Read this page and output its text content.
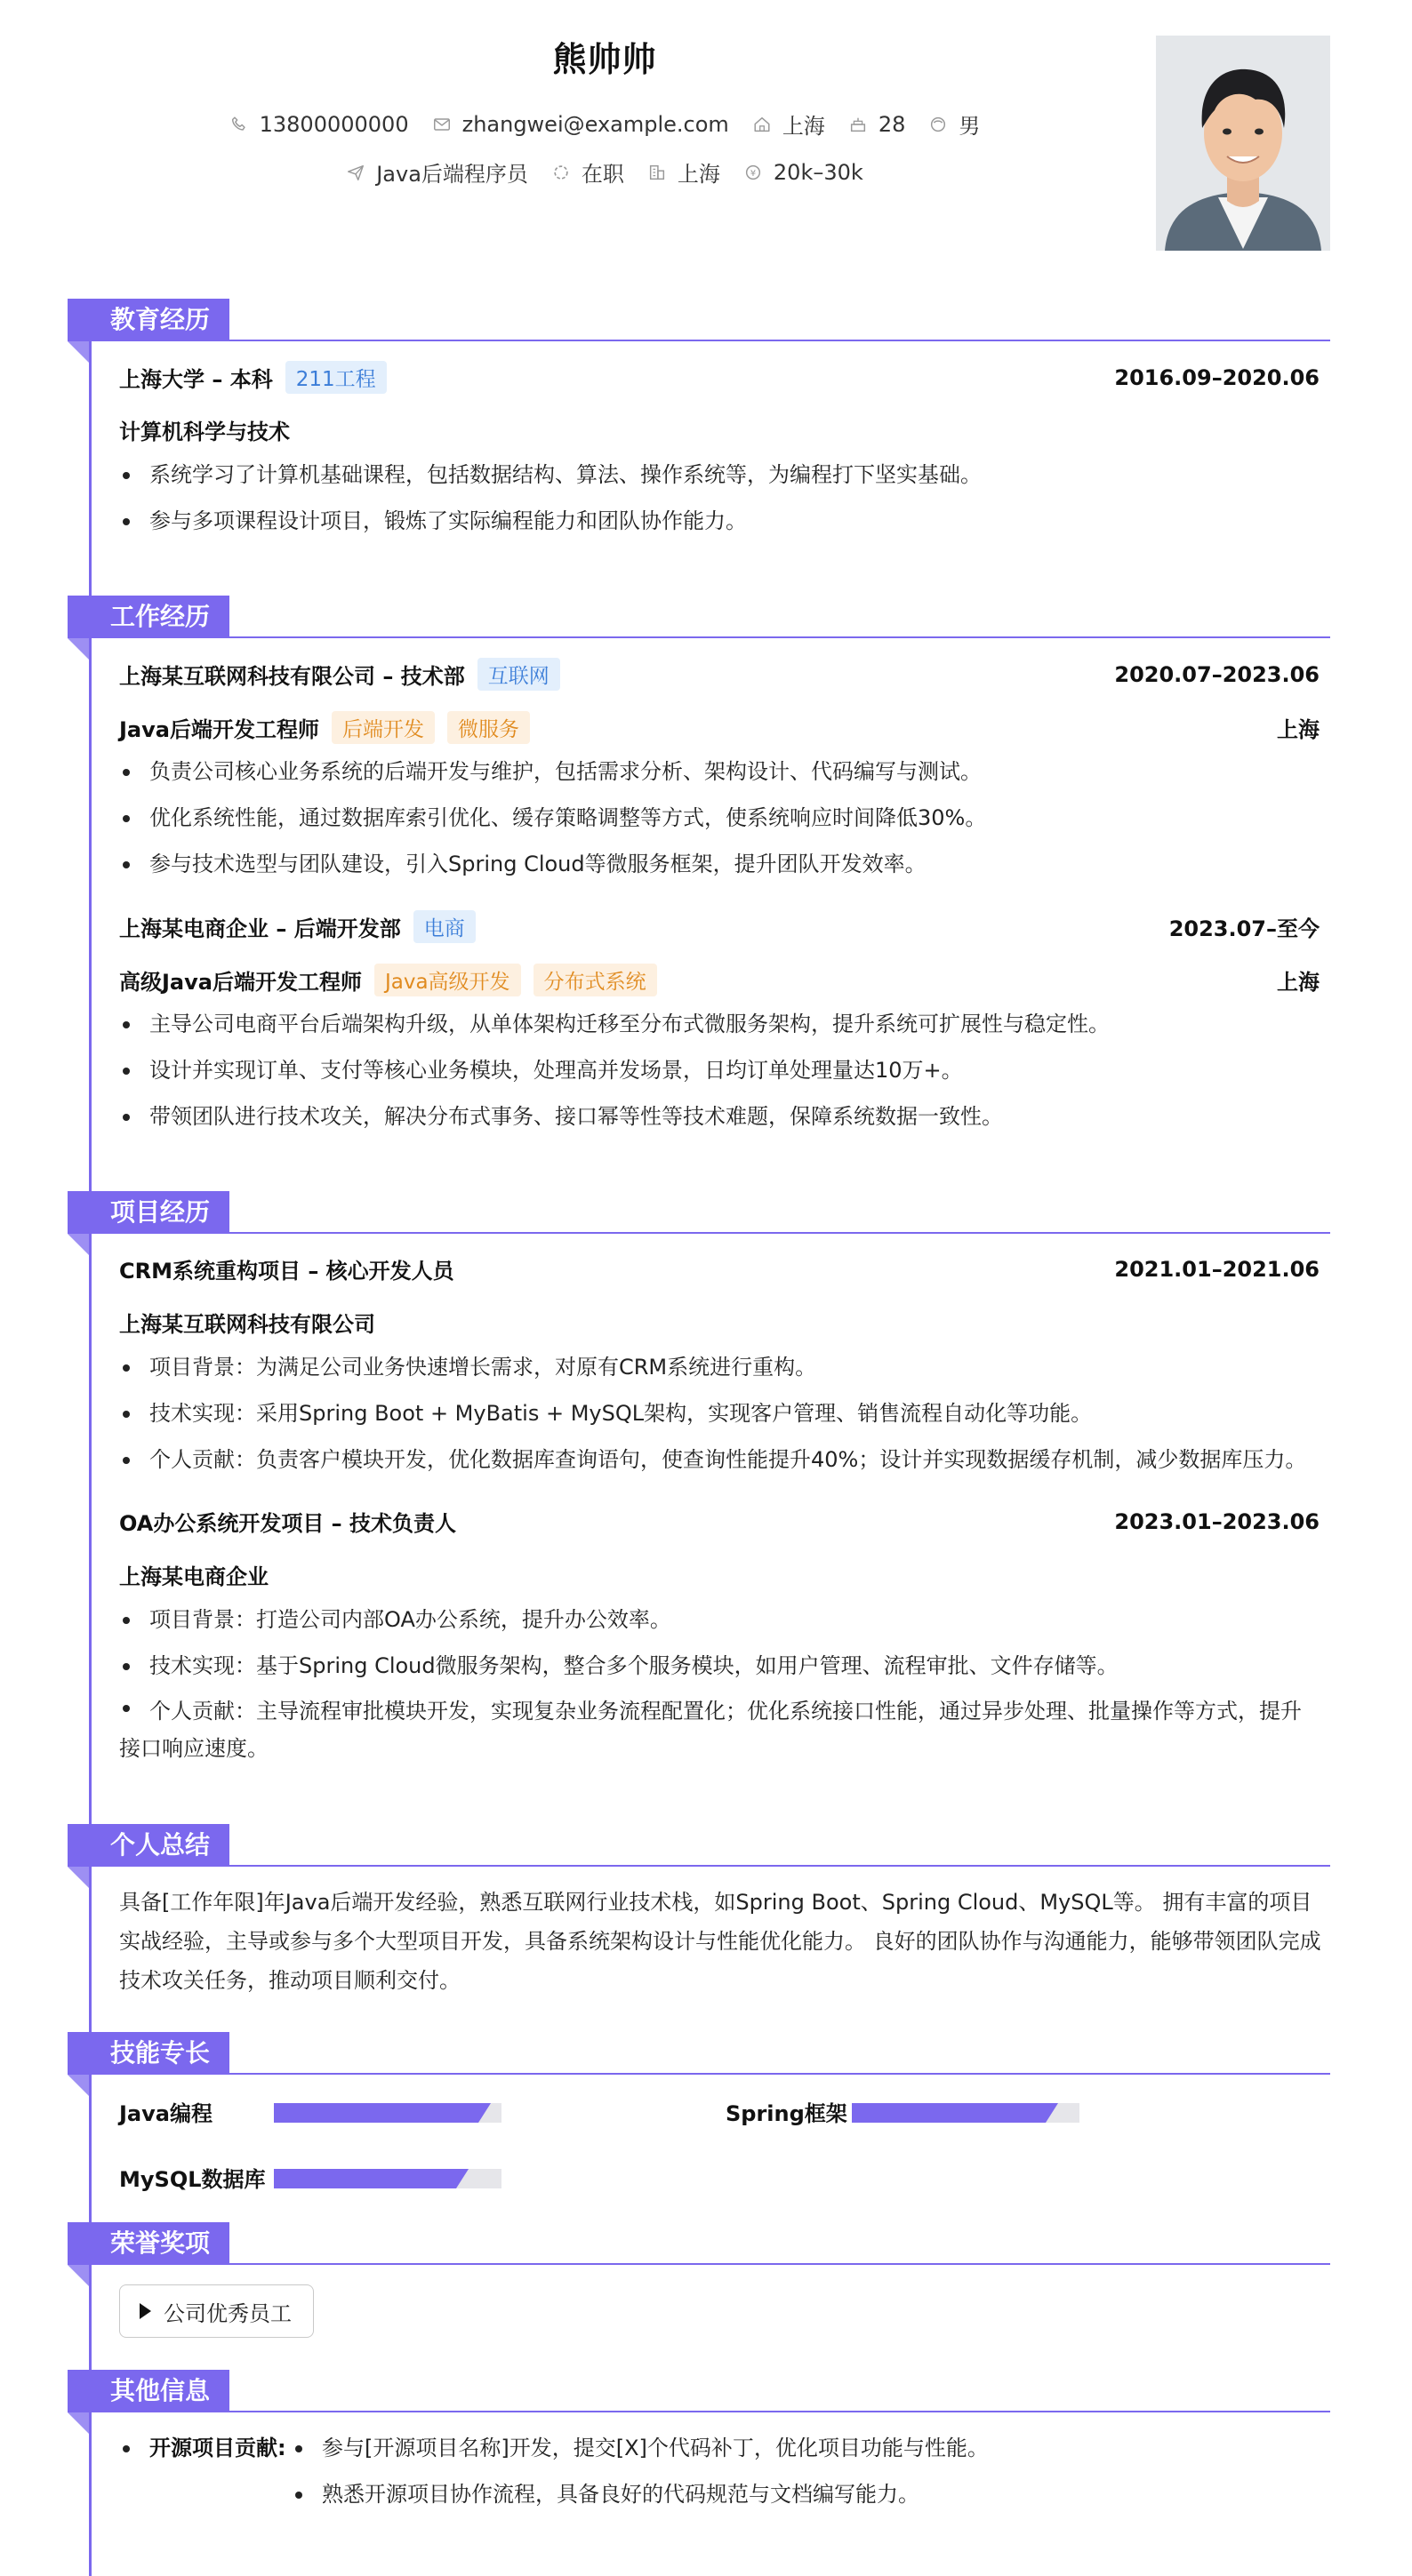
熊帅帅
13800000000	zhangwei@example.com	上海	28	男
Java后端程序员	在职	上海	¥ 20k–30k
教育经历
上海大学 – 本科	211工程	2016.09–2020.06
计算机科学与技术
系统学习了计算机基础课程，包括数据结构、算法、操作系统等，为编程打下坚实基础。
参与多项课程设计项目，锻炼了实际编程能力和团队协作能力。
工作经历
上海某互联网科技有限公司 – 技术部	互联网	2020.07–2023.06
Java后端开发工程师	后端开发	微服务	上海
负责公司核心业务系统的后端开发与维护，包括需求分析、架构设计、代码编写与测试。
优化系统性能，通过数据库索引优化、缓存策略调整等方式，使系统响应时间降低30%。
参与技术选型与团队建设，引入Spring Cloud等微服务框架，提升团队开发效率。
上海某电商企业 – 后端开发部	电商	2023.07–至今
高级Java后端开发工程师	Java高级开发	分布式系统	上海
主导公司电商平台后端架构升级，从单体架构迁移至分布式微服务架构，提升系统可扩展性与稳定性。
设计并实现订单、支付等核心业务模块，处理高并发场景，日均订单处理量达10万+。
带领团队进行技术攻关，解决分布式事务、接口幂等性等技术难题，保障系统数据一致性。
项目经历
CRM系统重构项目 – 核心开发人员	2021.01–2021.06
上海某互联网科技有限公司
项目背景：为满足公司业务快速增长需求，对原有CRM系统进行重构。
技术实现：采用Spring Boot + MyBatis + MySQL架构，实现客户管理、销售流程自动化等功能。
个人贡献：负责客户模块开发，优化数据库查询语句，使查询性能提升40%；设计并实现数据缓存机制，减少数据库压力。
OA办公系统开发项目 – 技术负责人	2023.01–2023.06
上海某电商企业
项目背景：打造公司内部OA办公系统，提升办公效率。
技术实现：基于Spring Cloud微服务架构，整合多个服务模块，如用户管理、流程审批、文件存储等。
个人贡献：主导流程审批模块开发，实现复杂业务流程配置化；优化系统接口性能，通过异步处理、批量操作等方式，提升接口响应速度。
个人总结
具备[工作年限]年Java后端开发经验，熟悉互联网行业技术栈，如Spring Boot、Spring Cloud、MySQL等。 拥有丰富的项目实战经验，主导或参与多个大型项目开发，具备系统架构设计与性能优化能力。 良好的团队协作与沟通能力，能够带领团队完成技术攻关任务，推动项目顺利交付。
技能专长
Java编程	Spring框架
MySQL数据库
荣誉奖项
公司优秀员工
其他信息
开源项目贡献:	参与[开源项目名称]开发，提交[X]个代码补丁，优化项目功能与性能。
熟悉开源项目协作流程，具备良好的代码规范与文档编写能力。
